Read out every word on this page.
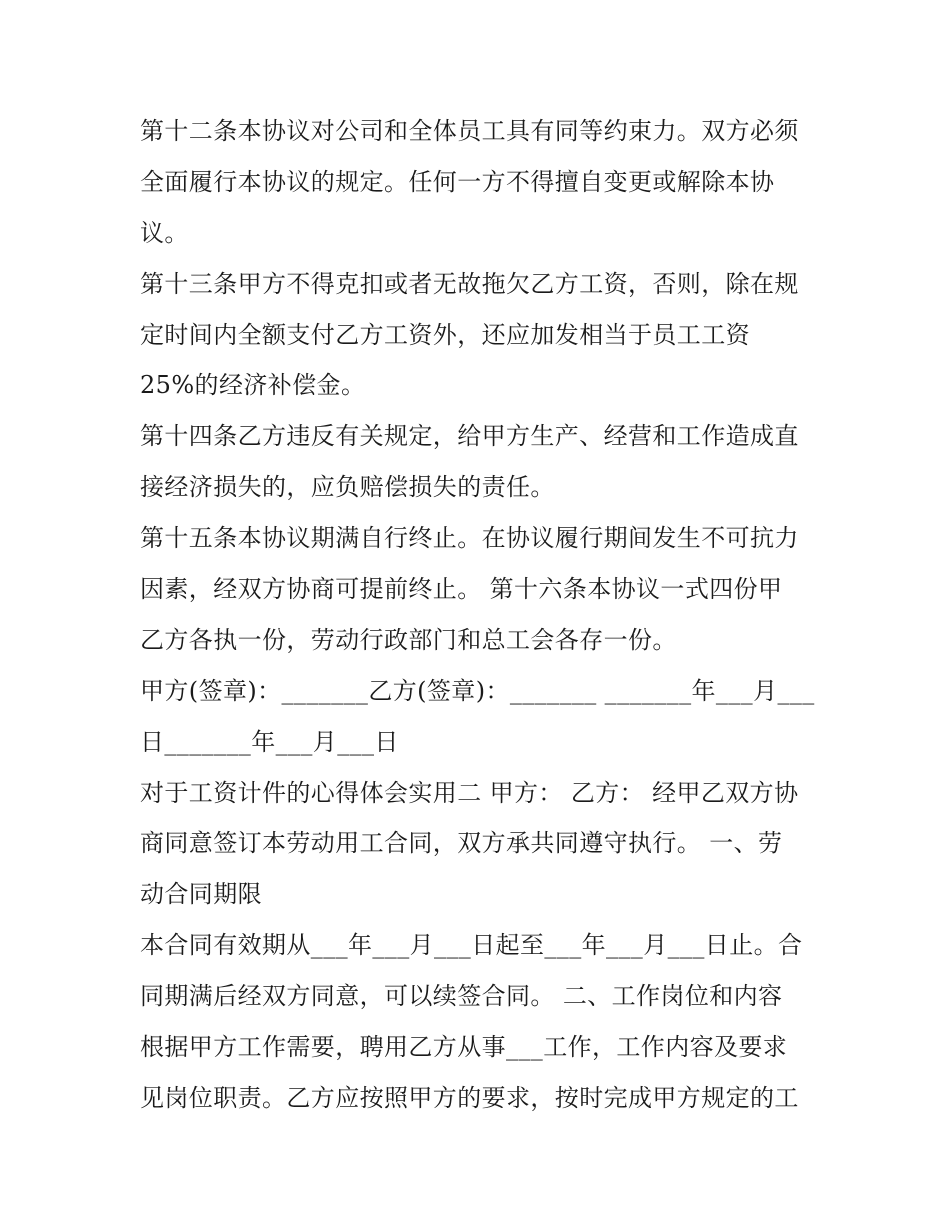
第十二条本协议对公司和全体员工具有同等约束力。双方必须
全面履行本协议的规定。任何一方不得擅自变更或解除本协
议。
第十三条甲方不得克扣或者无故拖欠乙方工资，否则，除在规
定时间内全额支付乙方工资外，还应加发相当于员工工资
25%的经济补偿金。
第十四条乙方违反有关规定，给甲方生产、经营和工作造成直
接经济损失的，应负赔偿损失的责任。
第十五条本协议期满自行终止。在协议履行期间发生不可抗力
因素，经双方协商可提前终止。 第十六条本协议一式四份甲
乙方各执一份，劳动行政部门和总工会各存一份。
甲方(签章)：_______乙方(签章)：_______ _______年___月___
日_______年___月___日
对于工资计件的心得体会实用二 甲方： 乙方： 经甲乙双方协
商同意签订本劳动用工合同，双方承共同遵守执行。 一、劳
动合同期限
本合同有效期从___年___月___日起至___年___月___日止。合
同期满后经双方同意，可以续签合同。 二、工作岗位和内容
根据甲方工作需要，聘用乙方从事___工作，工作内容及要求
见岗位职责。乙方应按照甲方的要求，按时完成甲方规定的工
